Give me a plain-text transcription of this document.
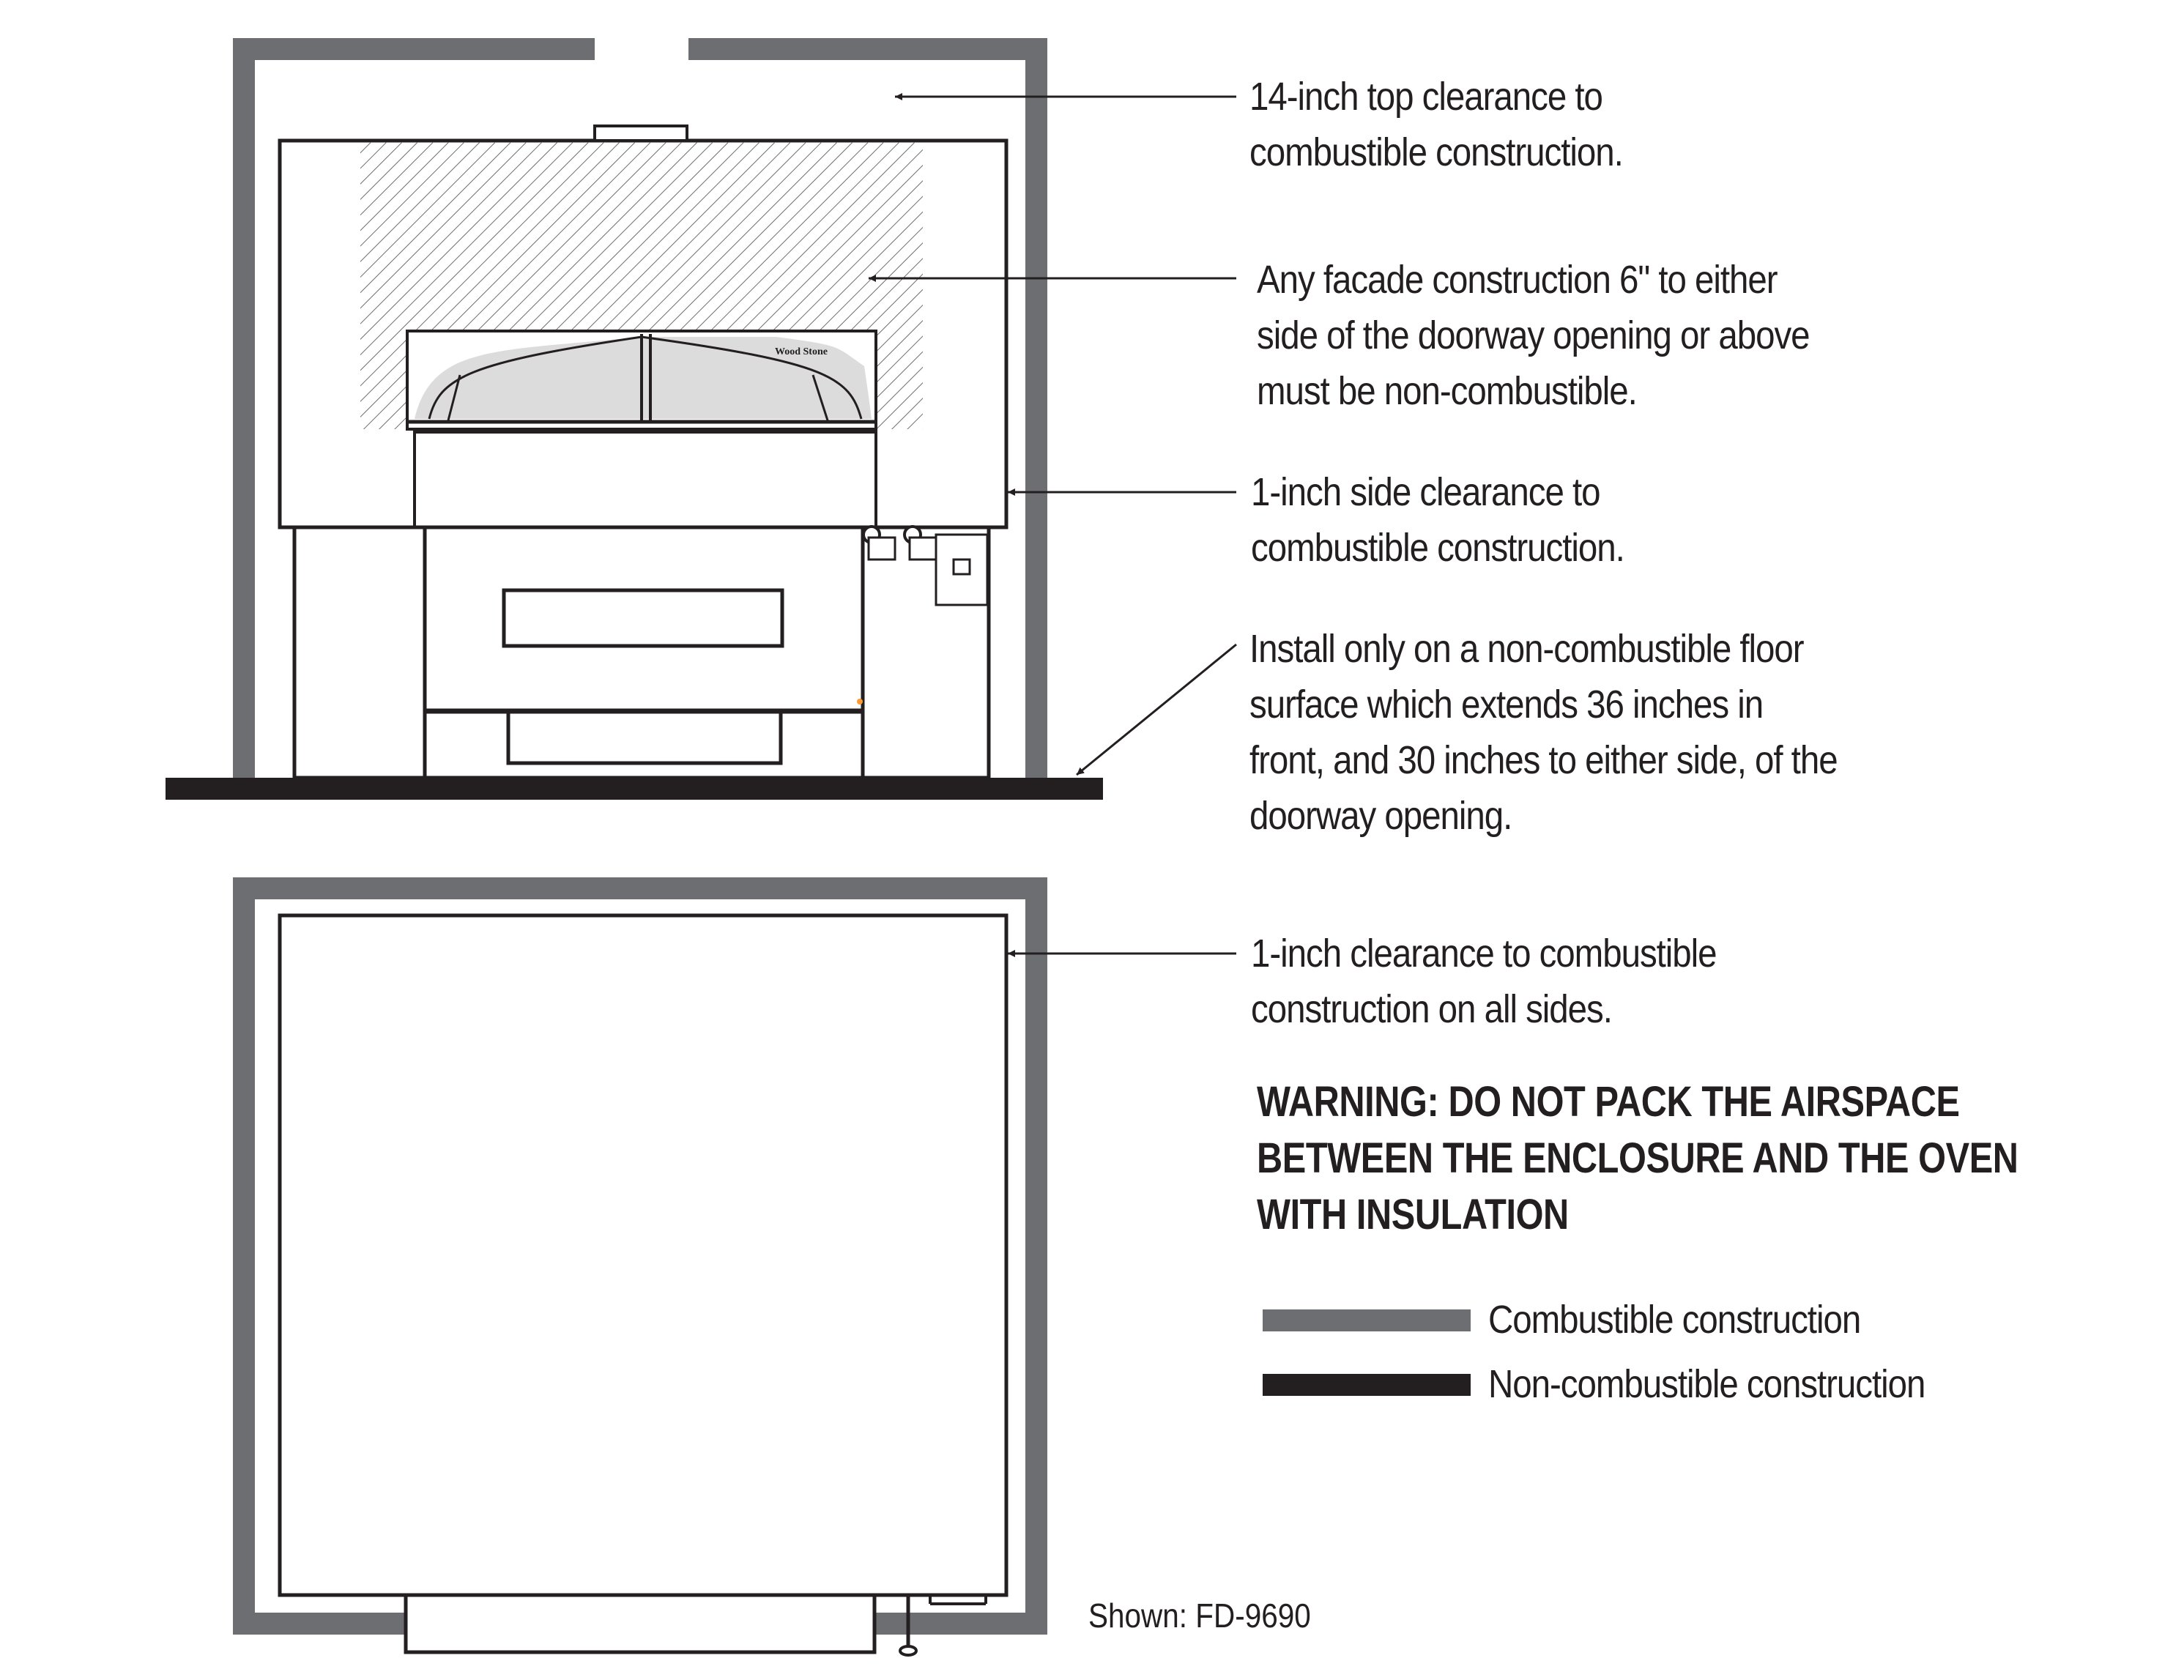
Wood Stone
14-inch top clearance to
combustible construction.
Any facade construction 6" to either
side of the doorway opening or above
must be non-combustible.
1-inch side clearance to
combustible construction.
Install only on a non-combustible floor
surface which extends 36 inches in
front, and 30 inches to either side, of the
doorway opening.
1-inch clearance to combustible
construction on all sides.
WARNING: DO NOT PACK THE AIRSPACE
BETWEEN THE ENCLOSURE AND THE OVEN
WITH INSULATION
Combustible construction
Non-combustible construction
Shown: FD-9690
